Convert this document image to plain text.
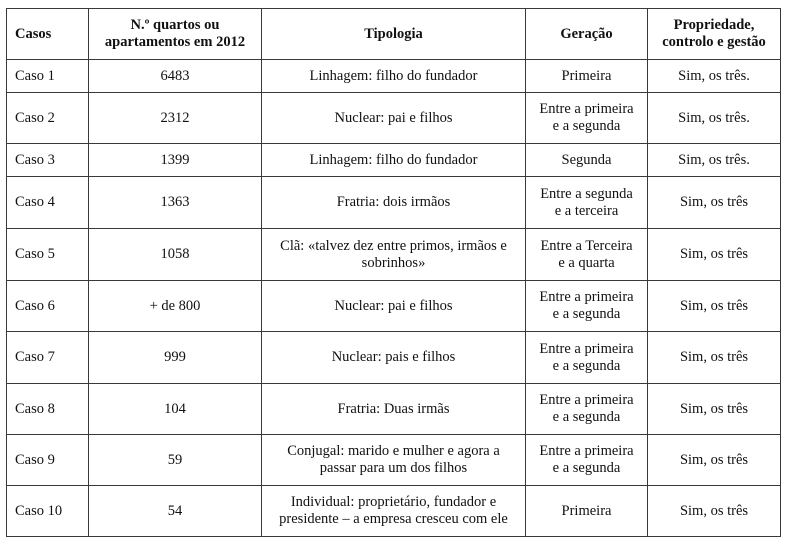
Casos	N.º quartos ou
apartamentos em 2012	Tipologia	Geração	Propriedade,
controlo e gestão

Caso 1	6483	Linhagem: filho do fundador	Primeira	Sim, os três.
Caso 2	2312	Nuclear: pai e filhos	Entre a primeira
e a segunda	Sim, os três.
Caso 3	1399	Linhagem: filho do fundador	Segunda	Sim, os três.
Caso 4	1363	Fratria: dois irmãos	Entre a segunda
e a terceira	Sim, os três
Caso 5	1058	Clã: «talvez dez entre primos, irmãos e
sobrinhos»	Entre a Terceira
e a quarta	Sim, os três
Caso 6	+ de 800	Nuclear: pai e filhos	Entre a primeira
e a segunda	Sim, os três
Caso 7	999	Nuclear: pais e filhos	Entre a primeira
e a segunda	Sim, os três
Caso 8	104	Fratria: Duas irmãs	Entre a primeira
e a segunda	Sim, os três
Caso 9	59	Conjugal: marido e mulher e agora a
passar para um dos filhos	Entre a primeira
e a segunda	Sim, os três
Caso 10	54	Individual: proprietário, fundador e
presidente – a empresa cresceu com ele	Primeira	Sim, os três
